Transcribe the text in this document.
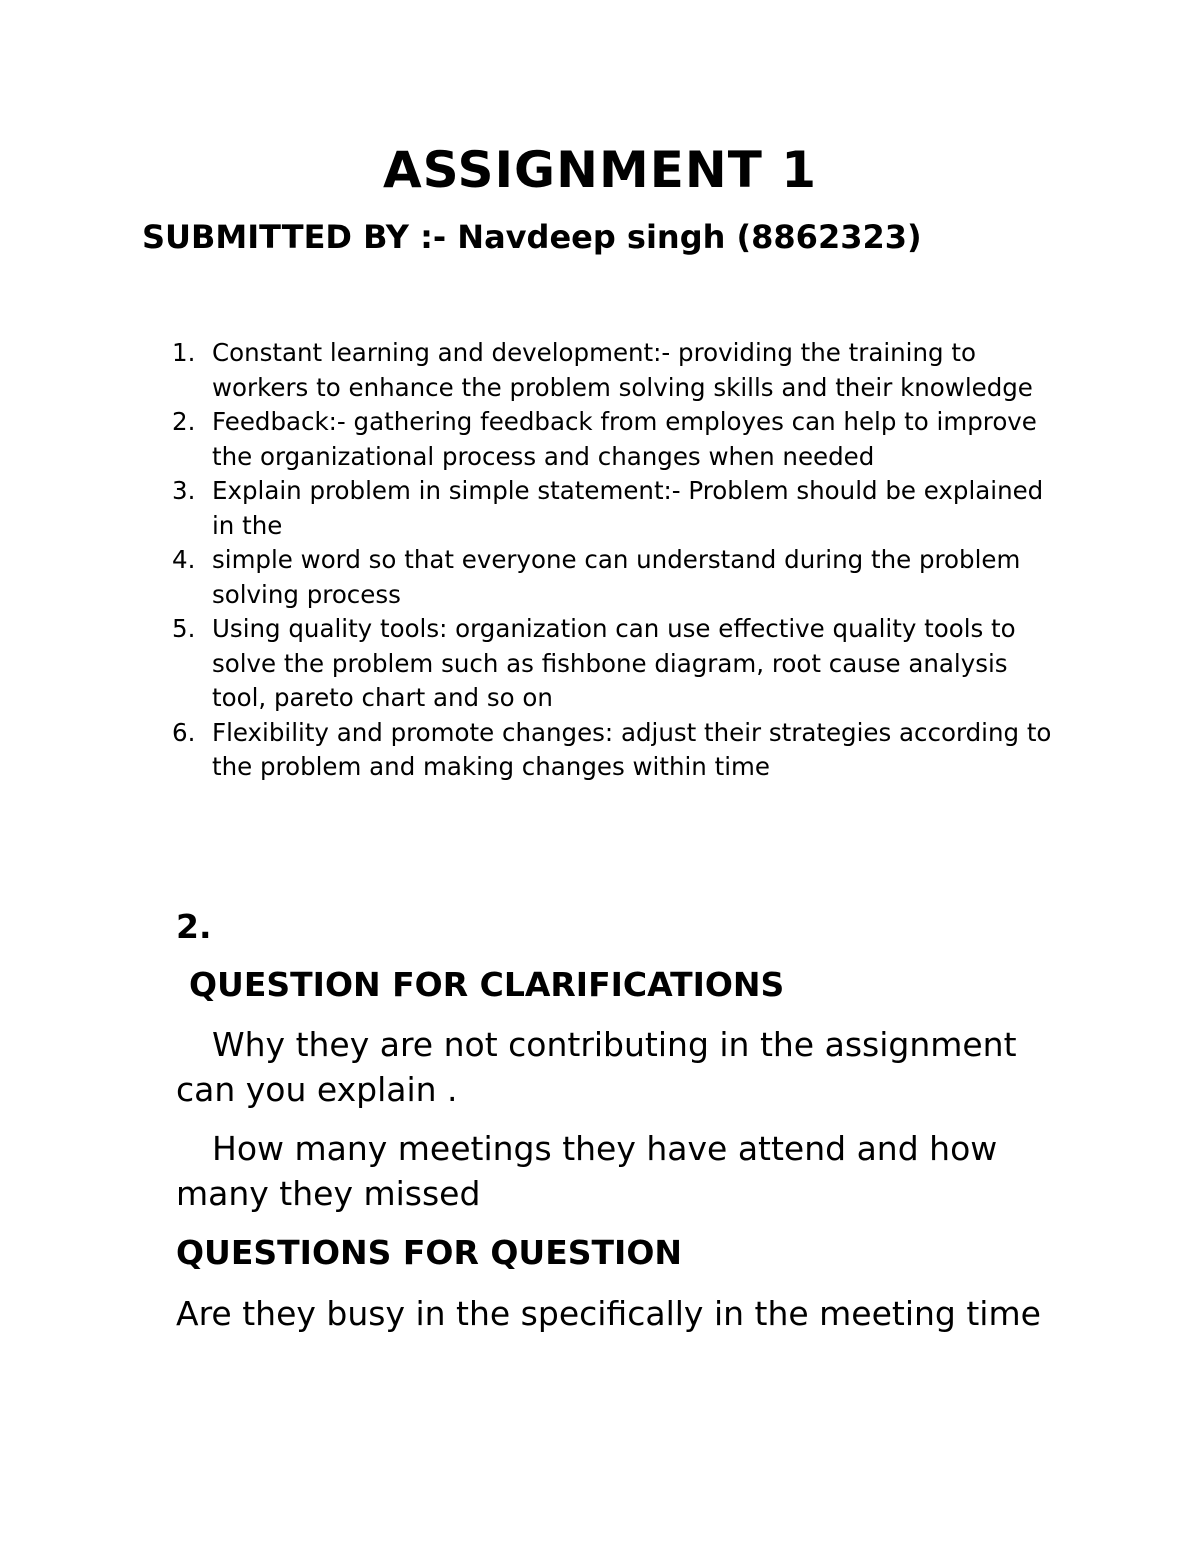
ASSIGNMENT 1

SUBMITTED BY :- Navdeep singh (8862323)

1. Constant learning and development:- providing the training to workers to enhance the problem solving skills and their knowledge
2. Feedback:- gathering feedback from employes can help to improve the organizational process and changes when needed
3. Explain problem in simple statement:- Problem should be explained in the
4. simple word so that everyone can understand during the problem solving process
5. Using quality tools: organization can use effective quality tools to solve the problem such as fishbone diagram, root cause analysis tool, pareto chart and so on
6. Flexibility and promote changes: adjust their strategies according to the problem and making changes within time

2.

QUESTION FOR CLARIFICATIONS

Why they are not contributing in the assignment can you explain .

How many meetings they have attend and how many they missed

QUESTIONS FOR QUESTION

Are they busy in the specifically in the meeting time
